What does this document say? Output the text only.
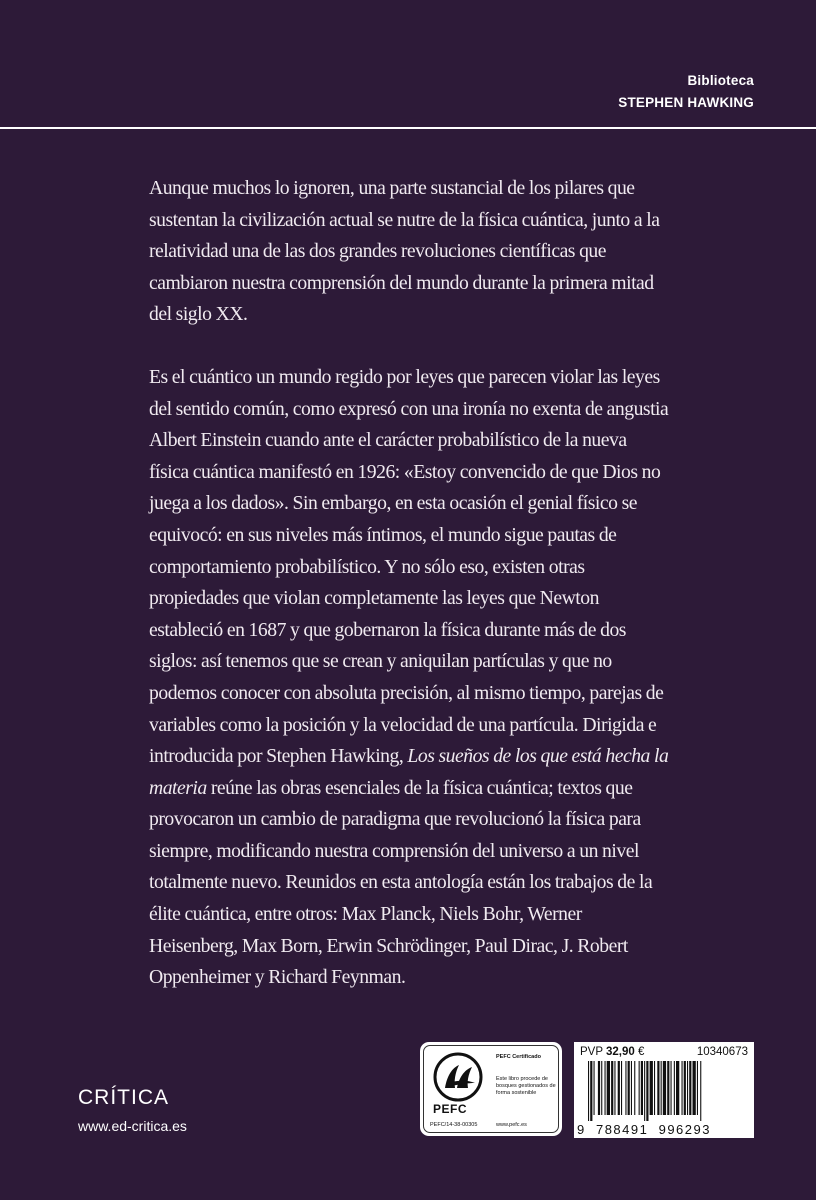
Biblioteca
STEPHEN HAWKING

Aunque muchos lo ignoren, una parte sustancial de los pilares que sustentan la civilización actual se nutre de la física cuántica, junto a la relatividad una de las dos grandes revoluciones científicas que cambiaron nuestra comprensión del mundo durante la primera mitad del siglo XX.

Es el cuántico un mundo regido por leyes que parecen violar las leyes del sentido común, como expresó con una ironía no exenta de angustia Albert Einstein cuando ante el carácter probabilístico de la nueva física cuántica manifestó en 1926: «Estoy convencido de que Dios no juega a los dados». Sin embargo, en esta ocasión el genial físico se equivocó: en sus niveles más íntimos, el mundo sigue pautas de comportamiento probabilístico. Y no sólo eso, existen otras propiedades que violan completamente las leyes que Newton estableció en 1687 y que gobernaron la física durante más de dos siglos: así tenemos que se crean y aniquilan partículas y que no podemos conocer con absoluta precisión, al mismo tiempo, parejas de variables como la posición y la velocidad de una partícula. Dirigida e introducida por Stephen Hawking, Los sueños de los que está hecha la materia reúne las obras esenciales de la física cuántica; textos que provocaron un cambio de paradigma que revolucionó la física para siempre, modificando nuestra comprensión del universo a un nivel totalmente nuevo. Reunidos en esta antología están los trabajos de la élite cuántica, entre otros: Max Planck, Niels Bohr, Werner Heisenberg, Max Born, Erwin Schrödinger, Paul Dirac, J. Robert Oppenheimer y Richard Feynman.

CRÍTICA
www.ed-critica.es
PEFC
PEFC/14-38-00305
PEFC Certificado
Este libro procede de bosques gestionados de forma sostenible
www.pefc.es
PVP 32,90 €	10340673
9 788491 996293
